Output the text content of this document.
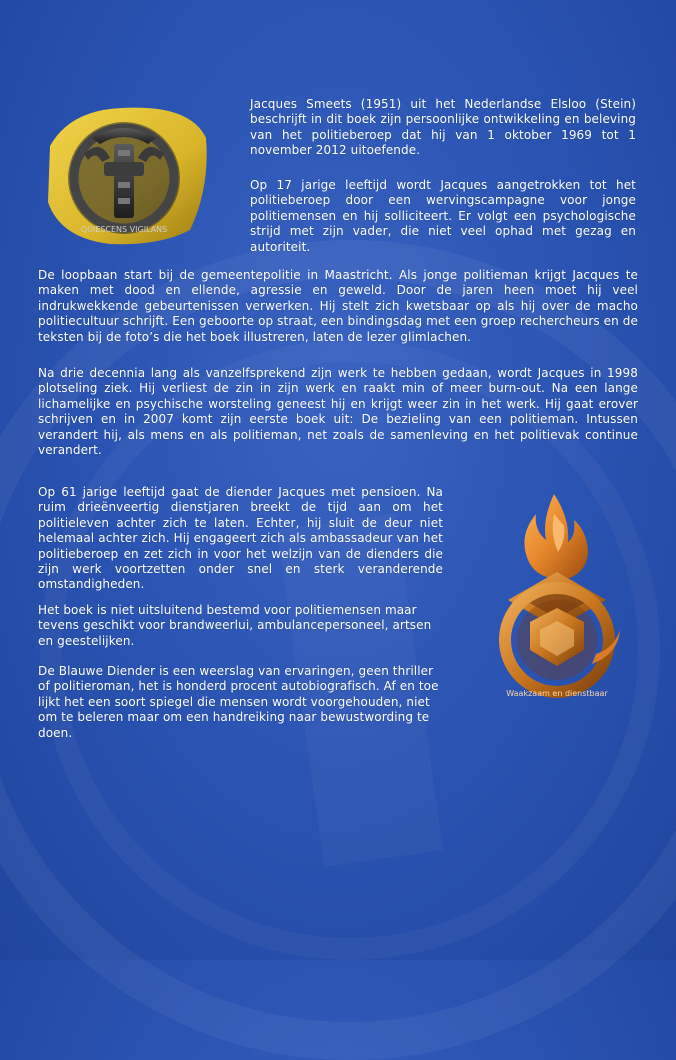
QUIESCENS VIGILANS
Waakzaam en dienstbaar

Jacques Smeets (1951) uit het Nederlandse Elsloo (Stein) beschrijft in dit boek zijn persoonlijke ontwikkeling en beleving van het politieberoep dat hij van 1 oktober 1969 tot 1 november 2012 uitoefende.

Op 17 jarige leeftijd wordt Jacques aangetrokken tot het politieberoep door een wervingscampagne voor jonge politiemensen en hij solliciteert. Er volgt een psychologische strijd met zijn vader, die niet veel ophad met gezag en autoriteit.

De loopbaan start bij de gemeentepolitie in Maastricht. Als jonge politieman krijgt Jacques te maken met dood en ellende, agressie en geweld. Door de jaren heen moet hij veel indrukwekkende gebeurtenissen verwerken. Hij stelt zich kwetsbaar op als hij over de macho politiecultuur schrijft. Een geboorte op straat, een bindingsdag met een groep rechercheurs en de teksten bij de foto’s die het boek illustreren, laten de lezer glimlachen.

Na drie decennia lang als vanzelfsprekend zijn werk te hebben gedaan, wordt Jacques in 1998 plotseling ziek. Hij verliest de zin in zijn werk en raakt min of meer burn-out. Na een lange lichamelijke en psychische worsteling geneest hij en krijgt weer zin in het werk. Hij gaat erover schrijven en in 2007 komt zijn eerste boek uit: De bezieling van een politieman. Intussen verandert hij, als mens en als politieman, net zoals de samenleving en het politievak continue verandert.

Op 61 jarige leeftijd gaat de diender Jacques met pensioen. Na ruim drieënveertig dienstjaren breekt de tijd aan om het politieleven achter zich te laten. Echter, hij sluit de deur niet helemaal achter zich. Hij engageert zich als ambassadeur van het politieberoep en zet zich in voor het welzijn van de dienders die zijn werk voortzetten onder snel en sterk veranderende omstandigheden.

Het boek is niet uitsluitend bestemd voor politiemensen maar tevens geschikt voor brandweerlui, ambulancepersoneel, artsen en geestelijken.

De Blauwe Diender is een weerslag van ervaringen, geen thriller of politieroman, het is honderd procent autobiografisch. Af en toe lijkt het een soort spiegel die mensen wordt voorgehouden, niet om te beleren maar om een handreiking naar bewustwording te doen.
